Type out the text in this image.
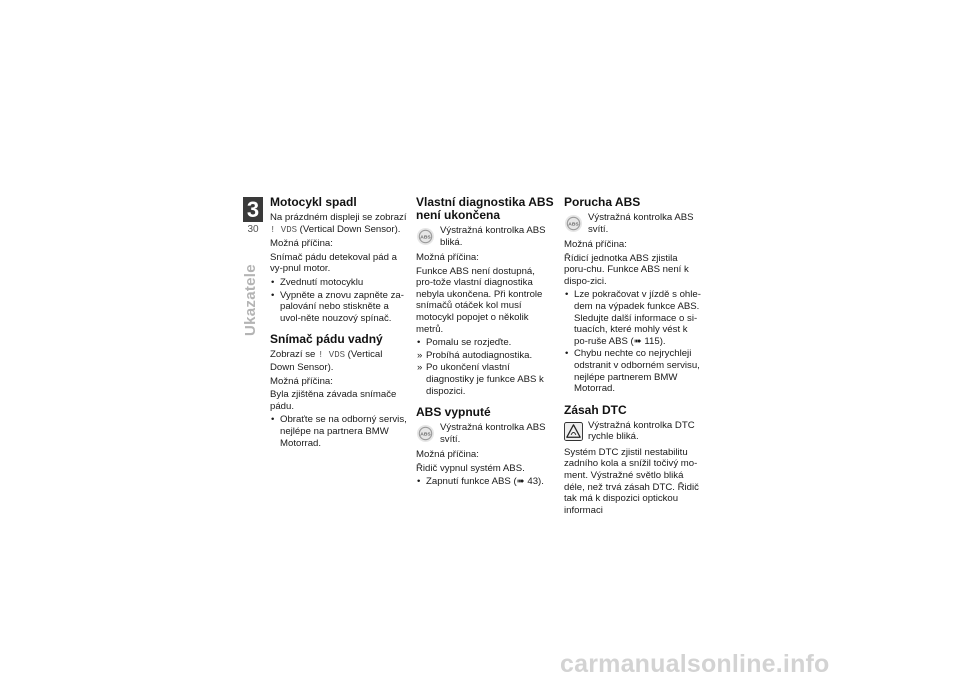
3
30
Ukazatele
Motocykl spadl

Na prázdném displeji se zobrazí
! VDS (Vertical Down Sensor).

Možná příčina:

Snímač pádu detekoval pád a vy-pnul motor.

• Zvednutí motocyklu
• Vypněte a znovu zapněte za-palování nebo stiskněte a uvol-něte nouzový spínač.
Snímač pádu vadný

Zobrazí se ! VDS (Vertical Down Sensor).

Možná příčina:

Byla zjištěna závada snímače pádu.

• Obraťte se na odborný servis, nejlépe na partnera BMW Motorrad.
Vlastní diagnostika ABS není ukončena
ABS
Výstražná kontrolka ABS bliká.

Možná příčina:

Funkce ABS není dostupná, pro-tože vlastní diagnostika nebyla ukončena. Při kontrole snímačů otáček kol musí motocykl popojet o několik metrů.

• Pomalu se rozjeďte.
» Probíhá autodiagnostika.
» Po ukončení vlastní diagnostiky je funkce ABS k dispozici.
ABS vypnuté
ABS
Výstražná kontrolka ABS svítí.

Možná příčina:

Řidič vypnul systém ABS.

• Zapnutí funkce ABS (➠ 43).
Porucha ABS
ABS
Výstražná kontrolka ABS svítí.

Možná příčina:

Řídicí jednotka ABS zjistila poru-chu. Funkce ABS není k dispo-zici.

• Lze pokračovat v jízdě s ohle-dem na výpadek funkce ABS. Sledujte další informace o si-tuacích, které mohly vést k po-ruše ABS (➠ 115).
• Chybu nechte co nejrychleji odstranit v odborném servisu, nejlépe partnerem BMW Motorrad.
Zásah DTC
Výstražná kontrolka DTC rychle bliká.

Systém DTC zjistil nestabilitu zadního kola a snížil točivý mo-ment. Výstražné světlo bliká déle, než trvá zásah DTC. Řidič tak má k dispozici optickou informaci

carmanualsonline.info
